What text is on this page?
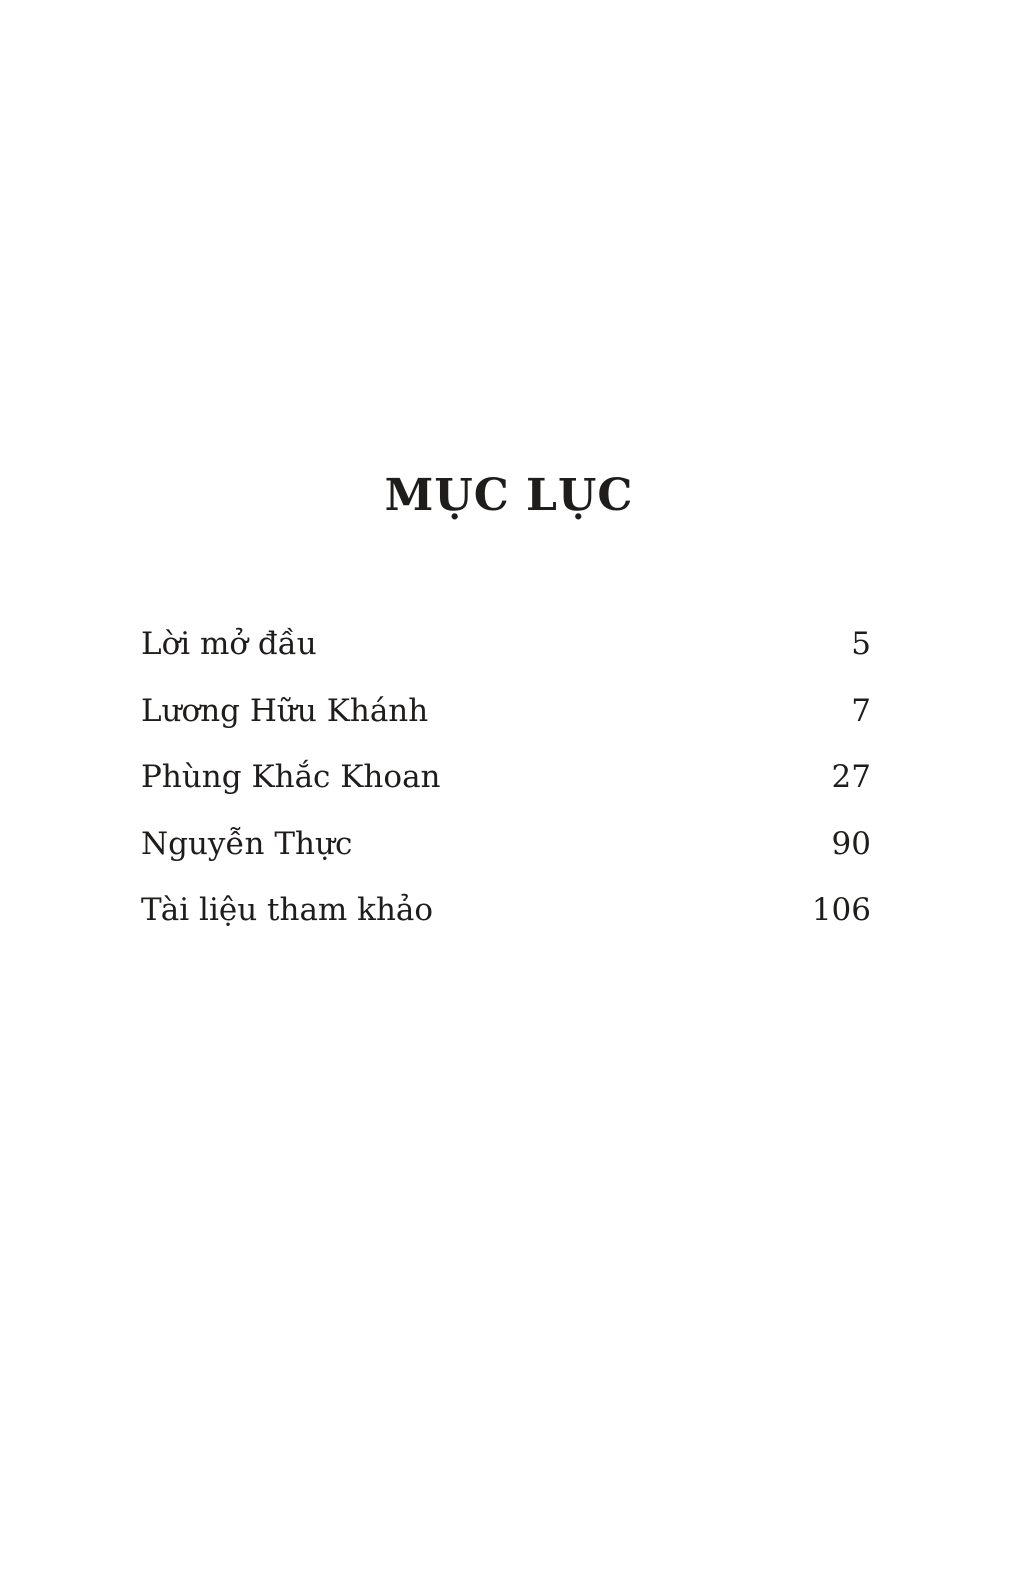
MỤC LỤC
Lời mở đầu	5
Lương Hữu Khánh	7
Phùng Khắc Khoan	27
Nguyễn Thực	90
Tài liệu tham khảo	106
